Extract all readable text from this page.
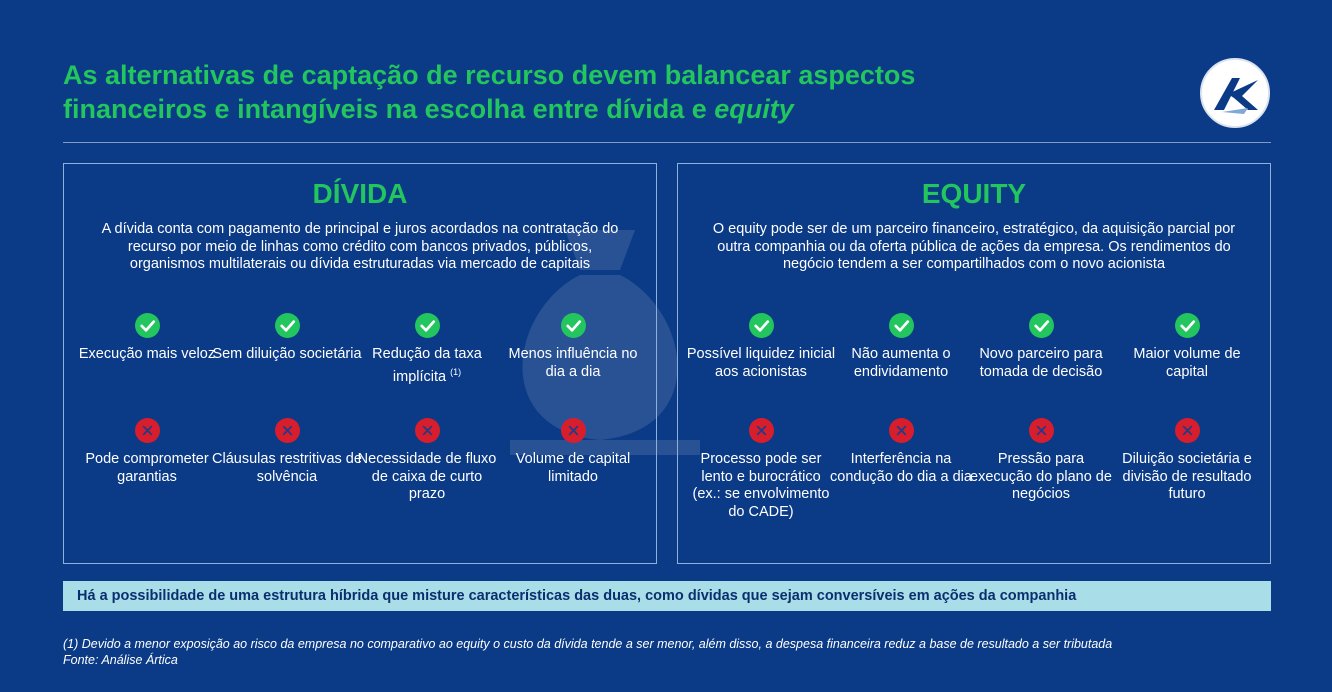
As alternativas de captação de recurso devem balancear aspectos
financeiros e intangíveis na escolha entre dívida e equity
DÍVIDA
A dívida conta com pagamento de principal e juros acordados na contratação do recurso por meio de linhas como crédito com bancos privados, públicos, organismos multilaterais ou dívida estruturadas via mercado de capitais
Execução mais veloz
Sem diluição societária Redução da taxa implícita $^{(1)}$
Menos influência no dia a dia
Pode comprometer garantias
Cláusulas restritivas de solvência
Necessidade de fluxo de caixa de curto prazo
Volume de capital limitado
EQUITY
O equity pode ser de um parceiro financeiro, estratégico, da aquisição parcial por outra companhia ou da oferta pública de ações da empresa. Os rendimentos do negócio tendem a ser compartilhados com o novo acionista
Possível liquidez inicial aos acionistas
Não aumenta o endividamento
Novo parceiro para tomada de decisão
Maior volume de capital
Processo pode ser lento e burocrático (ex.: se envolvimento do CADE)
Interferência na condução do dia a dia
Pressão para execução do plano de negócios
Diluição societária e divisão de resultado futuro
Há a possibilidade de uma estrutura híbrida que misture características das duas, como dívidas que sejam conversíveis em ações da companhia
(1) Devido a menor exposição ao risco da empresa no comparativo ao equity o custo da dívida tende a ser menor, além disso, a despesa financeira reduz a base de resultado a ser tributada
Fonte: Análise Ártica
